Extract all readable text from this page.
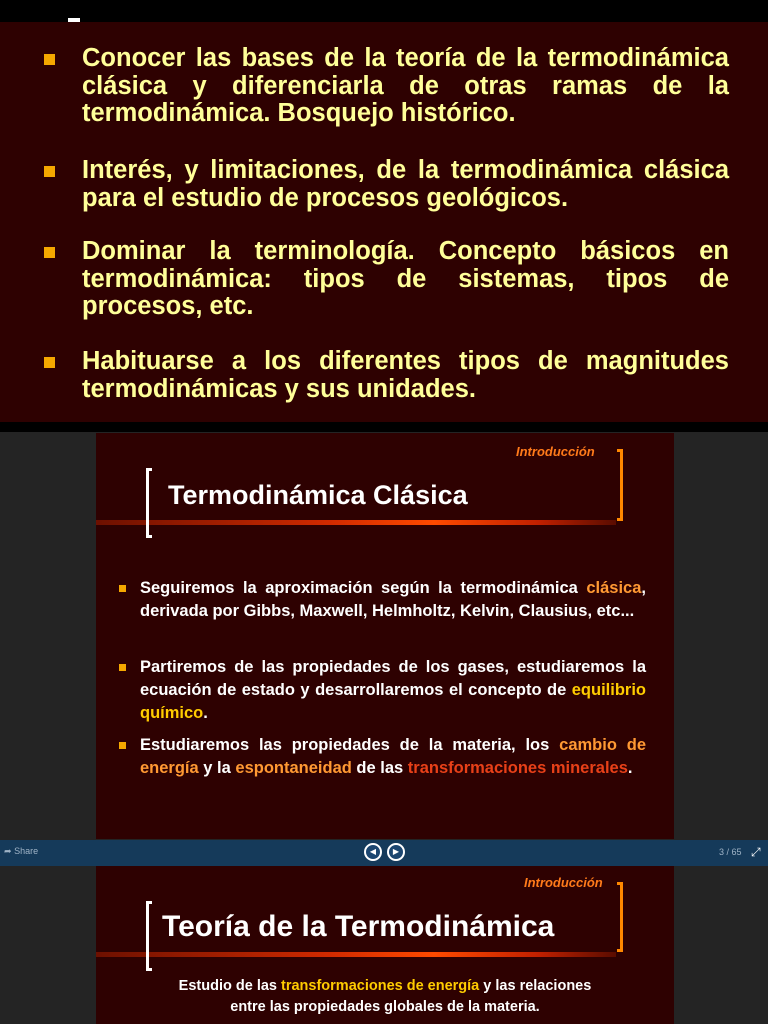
Conocer las bases de la teoría de la termodinámica clásica y diferenciarla de otras ramas de la termodinámica. Bosquejo histórico.
Interés, y limitaciones, de la termodinámica clásica para el estudio de procesos geológicos.
Dominar la terminología. Concepto básicos en termodinámica: tipos de sistemas, tipos de procesos, etc.
Habituarse a los diferentes tipos de magnitudes termodinámicas y sus unidades.
Introducción
Termodinámica Clásica
Seguiremos la aproximación según la termodinámica clásica, derivada por Gibbs, Maxwell, Helmholtz, Kelvin, Clausius, etc...
Partiremos de las propiedades de los gases, estudiaremos la ecuación de estado y desarrollaremos el concepto de equilibrio químico.
Estudiaremos las propiedades de la materia, los cambio de energía y la espontaneidad de las transformaciones minerales.
➦ Share	◀	▶	3 / 65 ⤢
Introducción
Teoría de la Termodinámica
Estudio de las transformaciones de energía y las relaciones
entre las propiedades globales de la materia.
